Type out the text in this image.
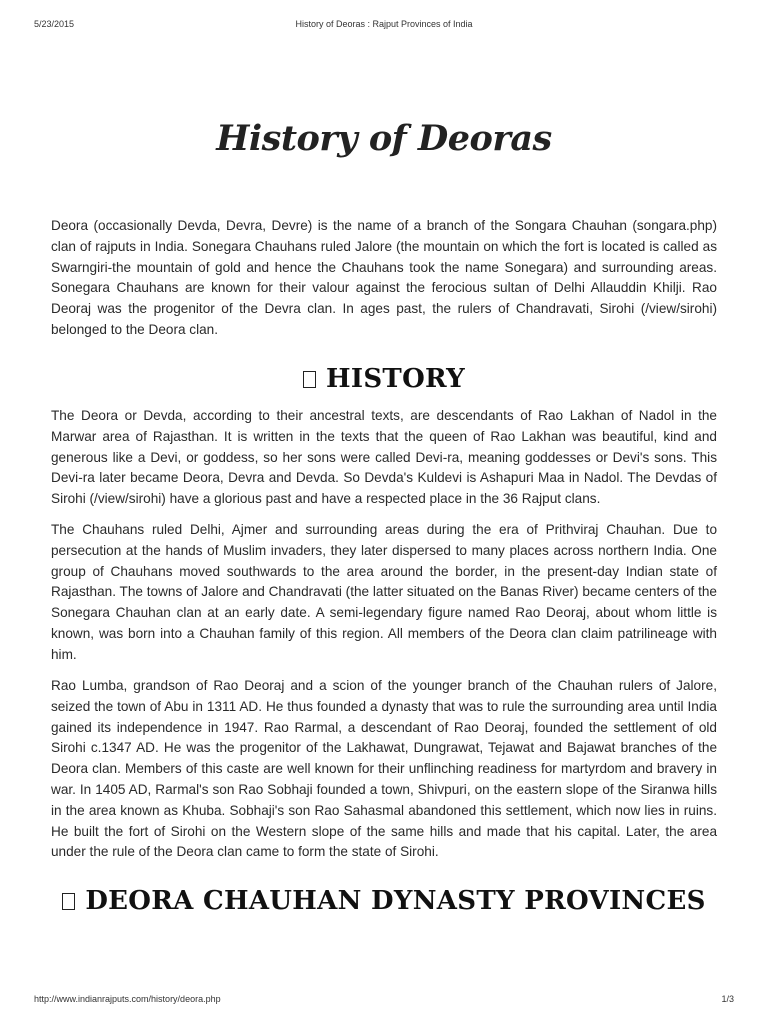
5/23/2015	History of Deoras : Rajput Provinces of India
History of Deoras

Deora (occasionally Devda, Devra, Devre) is the name of a branch of the Songara Chauhan (songara.php) clan of rajputs in India. Sonegara Chauhans ruled Jalore (the mountain on which the fort is located is called as Swarngiri-the mountain of gold and hence the Chauhans took the name Sonegara) and surrounding areas. Sonegara Chauhans are known for their valour against the ferocious sultan of Delhi Allauddin Khilji. Rao Deoraj was the progenitor of the Devra clan. In ages past, the rulers of Chandravati, Sirohi (/view/sirohi) belonged to the Deora clan.

HISTORY

The Deora or Devda, according to their ancestral texts, are descendants of Rao Lakhan of Nadol in the Marwar area of Rajasthan. It is written in the texts that the queen of Rao Lakhan was beautiful, kind and generous like a Devi, or goddess, so her sons were called Devi-ra, meaning goddesses or Devi's sons. This Devi-ra later became Deora, Devra and Devda. So Devda's Kuldevi is Ashapuri Maa in Nadol. The Devdas of Sirohi (/view/sirohi) have a glorious past and have a respected place in the 36 Rajput clans.

The Chauhans ruled Delhi, Ajmer and surrounding areas during the era of Prithviraj Chauhan. Due to persecution at the hands of Muslim invaders, they later dispersed to many places across northern India. One group of Chauhans moved southwards to the area around the border, in the present-day Indian state of Rajasthan. The towns of Jalore and Chandravati (the latter situated on the Banas River) became centers of the Sonegara Chauhan clan at an early date. A semi-legendary figure named Rao Deoraj, about whom little is known, was born into a Chauhan family of this region. All members of the Deora clan claim patrilineage with him.

Rao Lumba, grandson of Rao Deoraj and a scion of the younger branch of the Chauhan rulers of Jalore, seized the town of Abu in 1311 AD. He thus founded a dynasty that was to rule the surrounding area until India gained its independence in 1947. Rao Rarmal, a descendant of Rao Deoraj, founded the settlement of old Sirohi c.1347 AD. He was the progenitor of the Lakhawat, Dungrawat, Tejawat and Bajawat branches of the Deora clan. Members of this caste are well known for their unflinching readiness for martyrdom and bravery in war. In 1405 AD, Rarmal's son Rao Sobhaji founded a town, Shivpuri, on the eastern slope of the Siranwa hills in the area known as Khuba. Sobhaji's son Rao Sahasmal abandoned this settlement, which now lies in ruins. He built the fort of Sirohi on the Western slope of the same hills and made that his capital. Later, the area under the rule of the Deora clan came to form the state of Sirohi.

DEORA CHAUHAN DYNASTY PROVINCES
http://www.indianrajputs.com/history/deora.php	1/3
